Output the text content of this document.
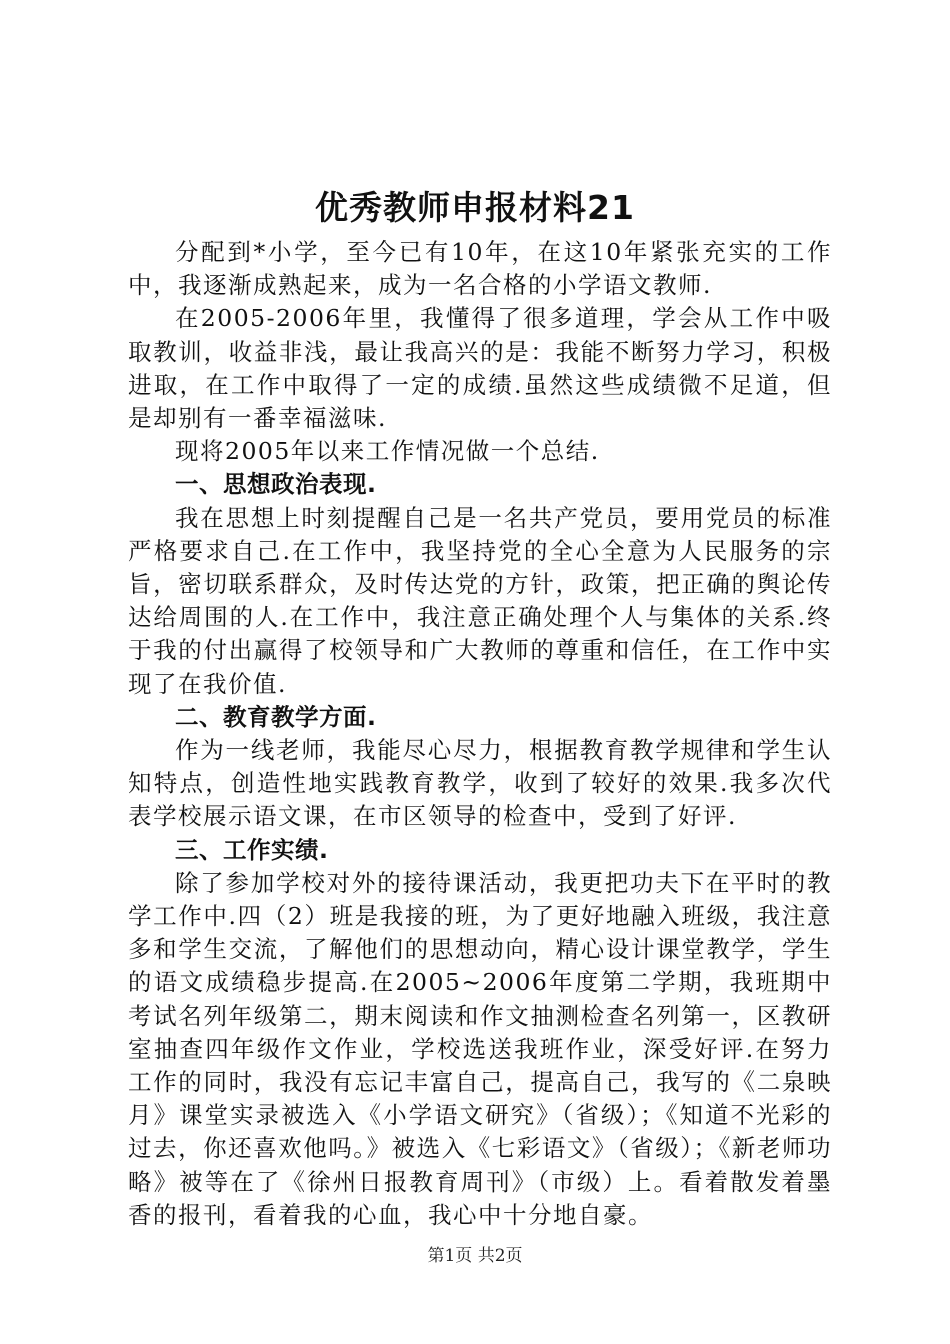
优秀教师申报材料21

分配到*小学，至今已有10年，在这10年紧张充实的工作中，我逐渐成熟起来，成为一名合格的小学语文教师.

在2005-2006年里，我懂得了很多道理，学会从工作中吸取教训，收益非浅，最让我高兴的是：我能不断努力学习，积极进取，在工作中取得了一定的成绩.虽然这些成绩微不足道，但是却别有一番幸福滋味.

现将2005年以来工作情况做一个总结.

一、思想政治表现.

我在思想上时刻提醒自己是一名共产党员，要用党员的标准严格要求自己.在工作中，我坚持党的全心全意为人民服务的宗旨，密切联系群众，及时传达党的方针，政策，把正确的舆论传达给周围的人.在工作中，我注意正确处理个人与集体的关系.终于我的付出赢得了校领导和广大教师的尊重和信任，在工作中实现了在我价值.

二、教育教学方面.

作为一线老师，我能尽心尽力，根据教育教学规律和学生认知特点，创造性地实践教育教学，收到了较好的效果.我多次代表学校展示语文课，在市区领导的检查中，受到了好评.

三、工作实绩.

除了参加学校对外的接待课活动，我更把功夫下在平时的教学工作中.四（2）班是我接的班，为了更好地融入班级，我注意多和学生交流，了解他们的思想动向，精心设计课堂教学，学生的语文成绩稳步提高.在2005~2006年度第二学期，我班期中考试名列年级第二，期末阅读和作文抽测检查名列第一，区教研室抽查四年级作文作业，学校选送我班作业，深受好评.在努力工作的同时，我没有忘记丰富自己，提高自己，我写的《二泉映月》课堂实录被选入《小学语文研究》（省级）；《知道不光彩的过去，你还喜欢他吗。》被选入《七彩语文》（省级）；《新老师功略》被等在了《徐州日报教育周刊》（市级）上。看着散发着墨香的报刊，看着我的心血，我心中十分地自豪。

第1页 共2页
